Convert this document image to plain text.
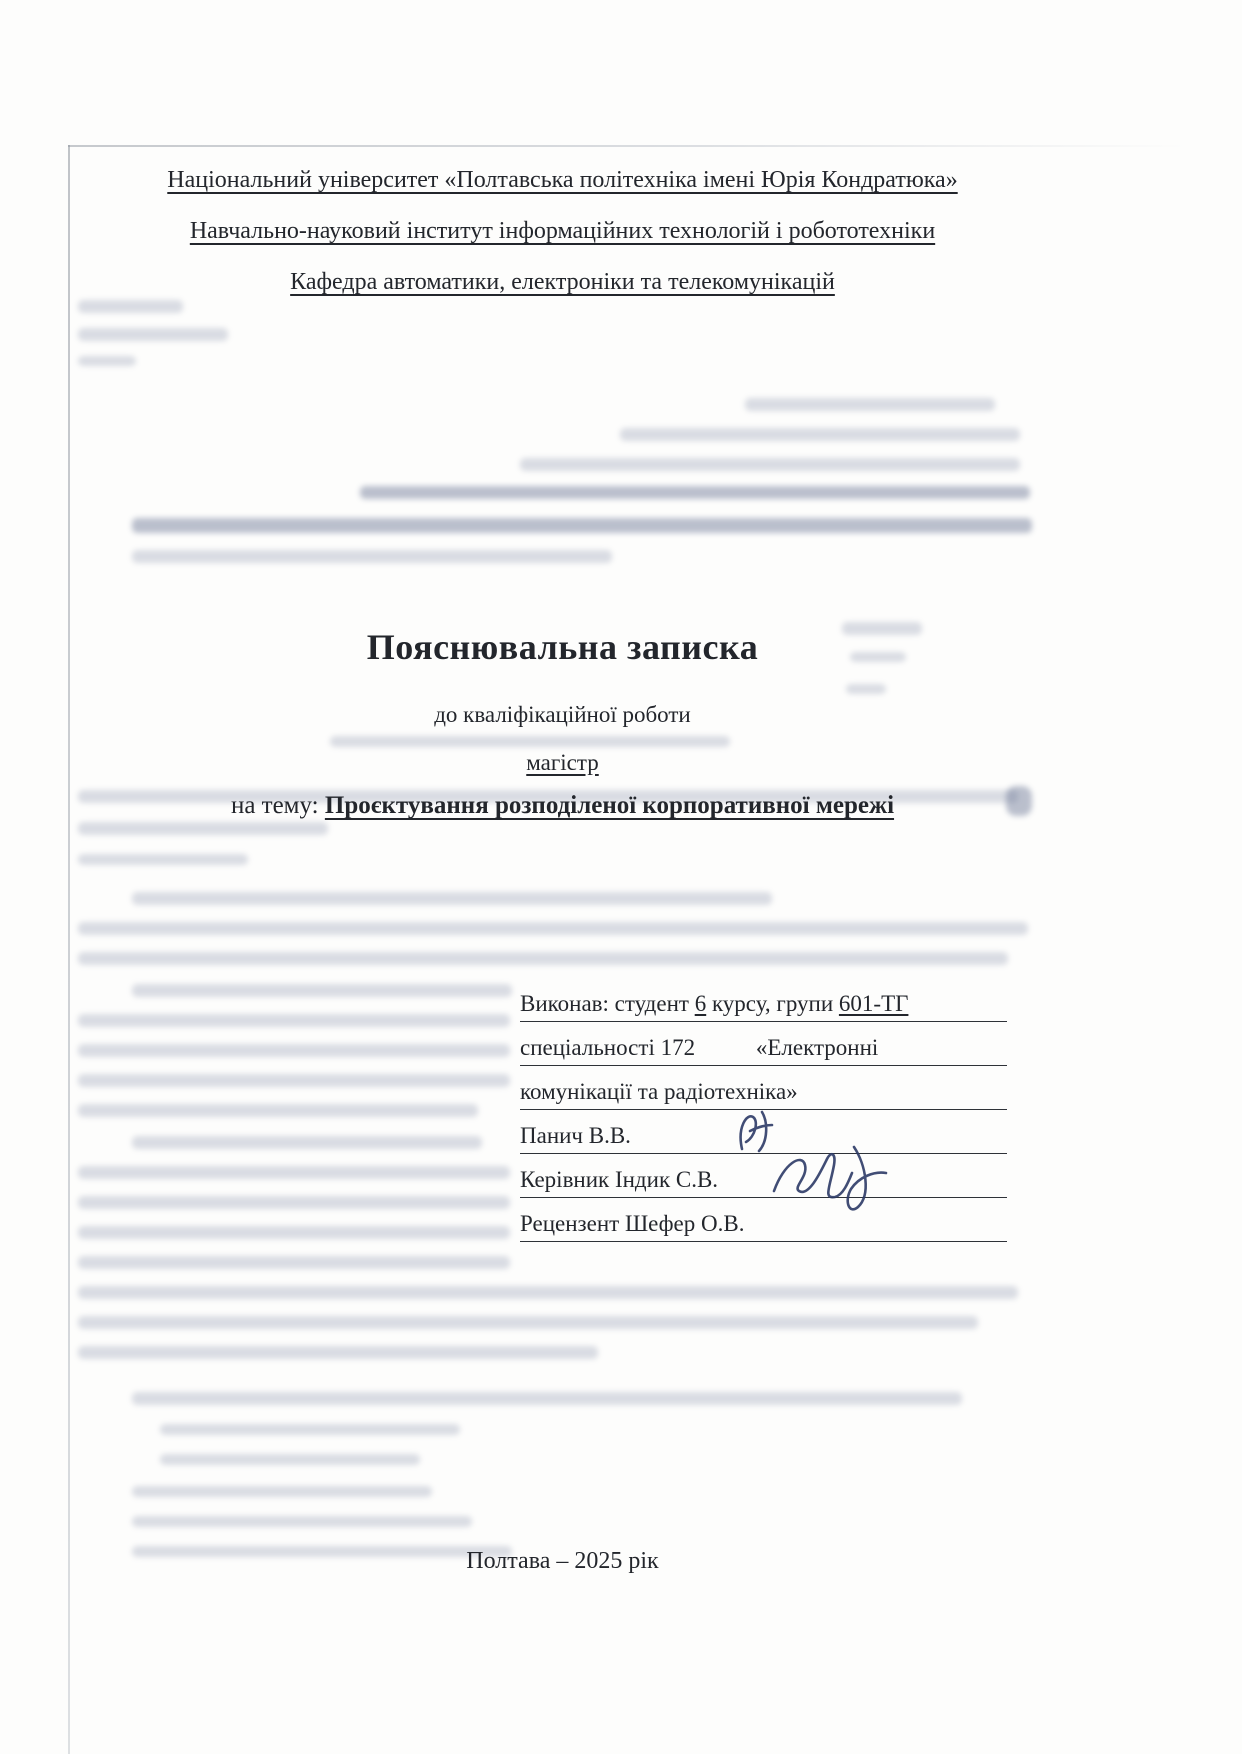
Національний університет «Полтавська політехніка імені Юрія Кондратюка»

Навчально-науковий інститут інформаційних технологій і робототехніки

Кафедра автоматики, електроніки та телекомунікацій

Пояснювальна записка

до кваліфікаційної роботи

магістр

на тему: Проєктування розподіленої корпоративної мережі

Виконав: студент 6 курсу, групи 601-ТГ
спеціальності 172	«Електронні
комунікації та радіотехніка»
Панич В.В.
Керівник Індик С.В.
Рецензент Шефер О.В.

Полтава – 2025 рік
